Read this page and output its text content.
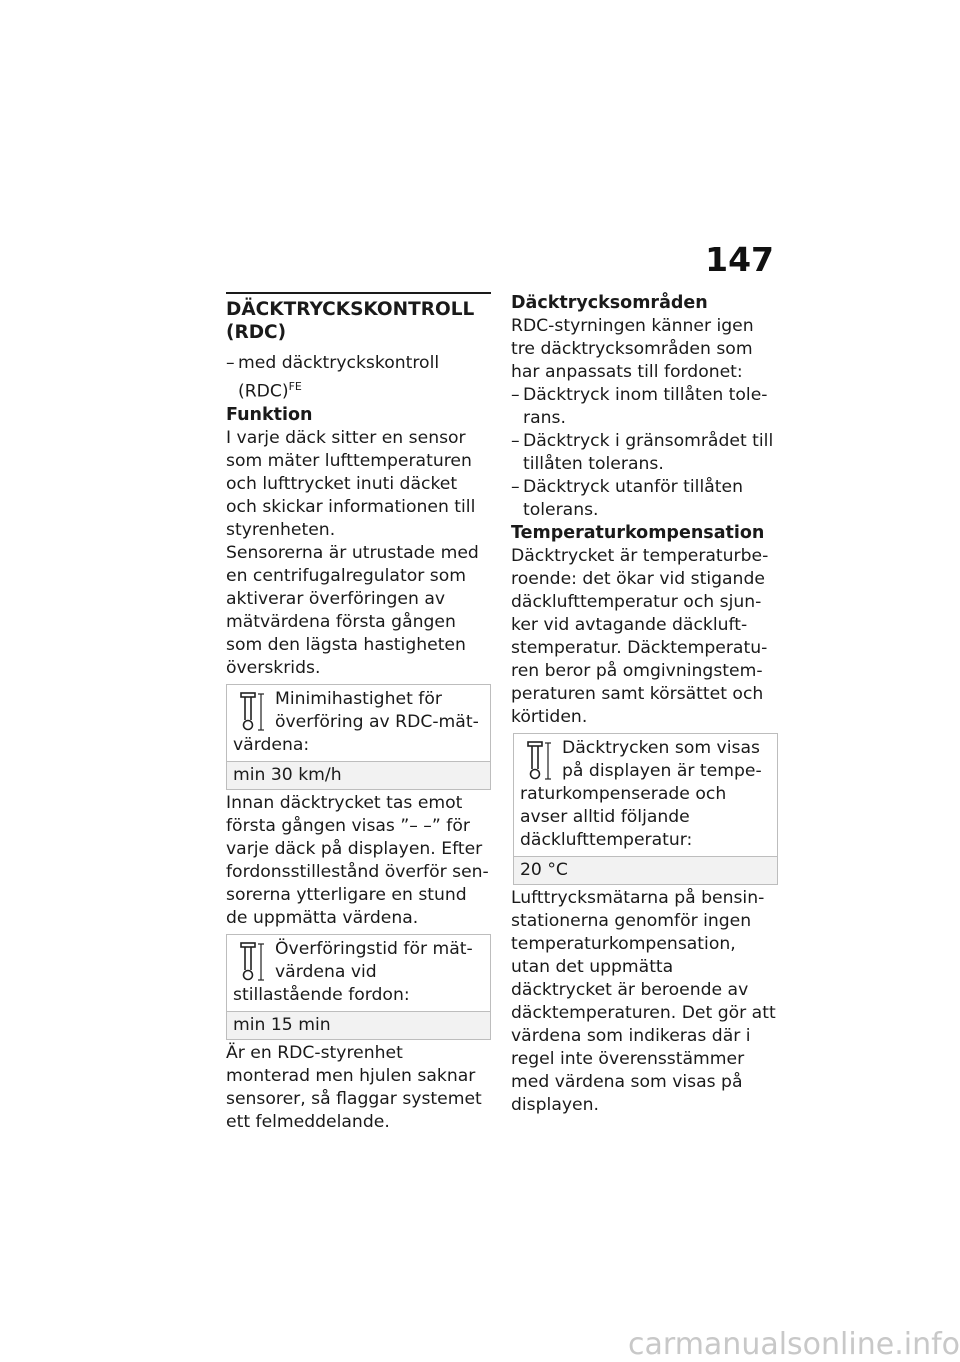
147
DÄCKTRYCKSKONTROLL
(RDC)
– med däcktryckskontroll (RDC)$^{FE}$
Funktion

I varje däck sitter en sensor som mäter lufttemperaturen och lufttrycket inuti däcket och skickar informationen till styrenheten.

Sensorerna är utrustade med en centrifugalregulator som aktiverar överföringen av mätvärdena första gången som den lägsta hastigheten överskrids.

Minimihastighet för överföring av RDC-mätvärdena:
min 30 km/h

Innan däcktrycket tas emot första gången visas ”– –” för varje däck på displayen. Efter fordonsstillestånd överför sensorerna ytterligare en stund de uppmätta värdena.

Överföringstid för mätvärdena vid stillastående fordon:
min 15 min

Är en RDC-styrenhet monterad men hjulen saknar sensorer, så flaggar systemet ett felmeddelande.

Däcktrycksområden

RDC-styrningen känner igen tre däcktrycksområden som har anpassats till fordonet:

– Däcktryck inom tillåten tolerans.
– Däcktryck i gränsområdet till tillåten tolerans.
– Däcktryck utanför tillåten tolerans.
Temperaturkompensation

Däcktrycket är temperaturberoende: det ökar vid stigande däcklufttemperatur och sjunker vid avtagande däckluftstemperatur. Däcktemperaturen beror på omgivningstemperaturen samt körsättet och körtiden.

Däcktrycken som visas på displayen är temperaturkompenserade och avser alltid följande däcklufttemperatur:
20 °C

Lufttrycksmätarna på bensinstationerna genomför ingen temperaturkompensation, utan det uppmätta däcktrycket är beroende av däcktemperaturen. Det gör att värdena som indikeras där i regel inte överensstämmer med värdena som visas på displayen.

carmanualsonline.info
